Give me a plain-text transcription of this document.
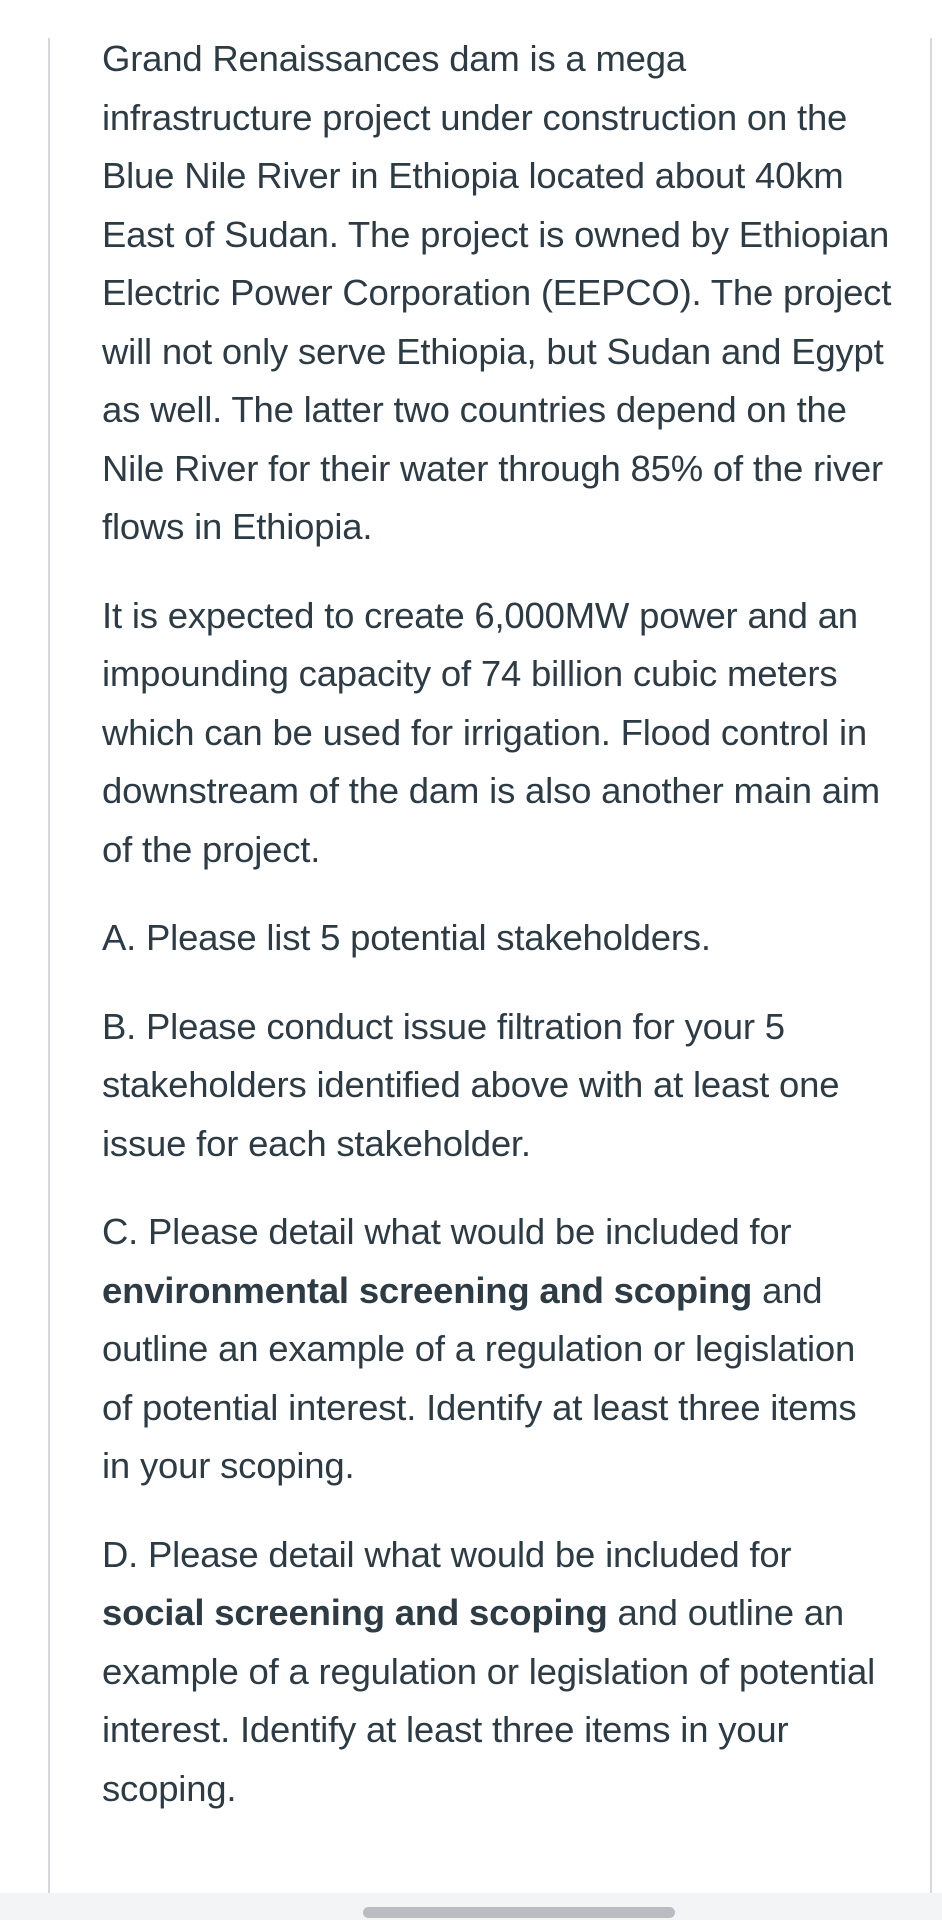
Grand Renaissances dam is a mega infrastructure project under construction on the Blue Nile River in Ethiopia located about 40km East of Sudan. The project is owned by Ethiopian Electric Power Corporation (EEPCO). The project will not only serve Ethiopia, but Sudan and Egypt as well. The latter two countries depend on the Nile River for their water through 85% of the river flows in Ethiopia.

It is expected to create 6,000MW power and an impounding capacity of 74 billion cubic meters which can be used for irrigation. Flood control in downstream of the dam is also another main aim of the project.

A. Please list 5 potential stakeholders.

B. Please conduct issue filtration for your 5 stakeholders identified above with at least one issue for each stakeholder.

C. Please detail what would be included for environmental screening and scoping and outline an example of a regulation or legislation of potential interest. Identify at least three items in your scoping.

D. Please detail what would be included for social screening and scoping and outline an example of a regulation or legislation of potential interest. Identify at least three items in your scoping.
